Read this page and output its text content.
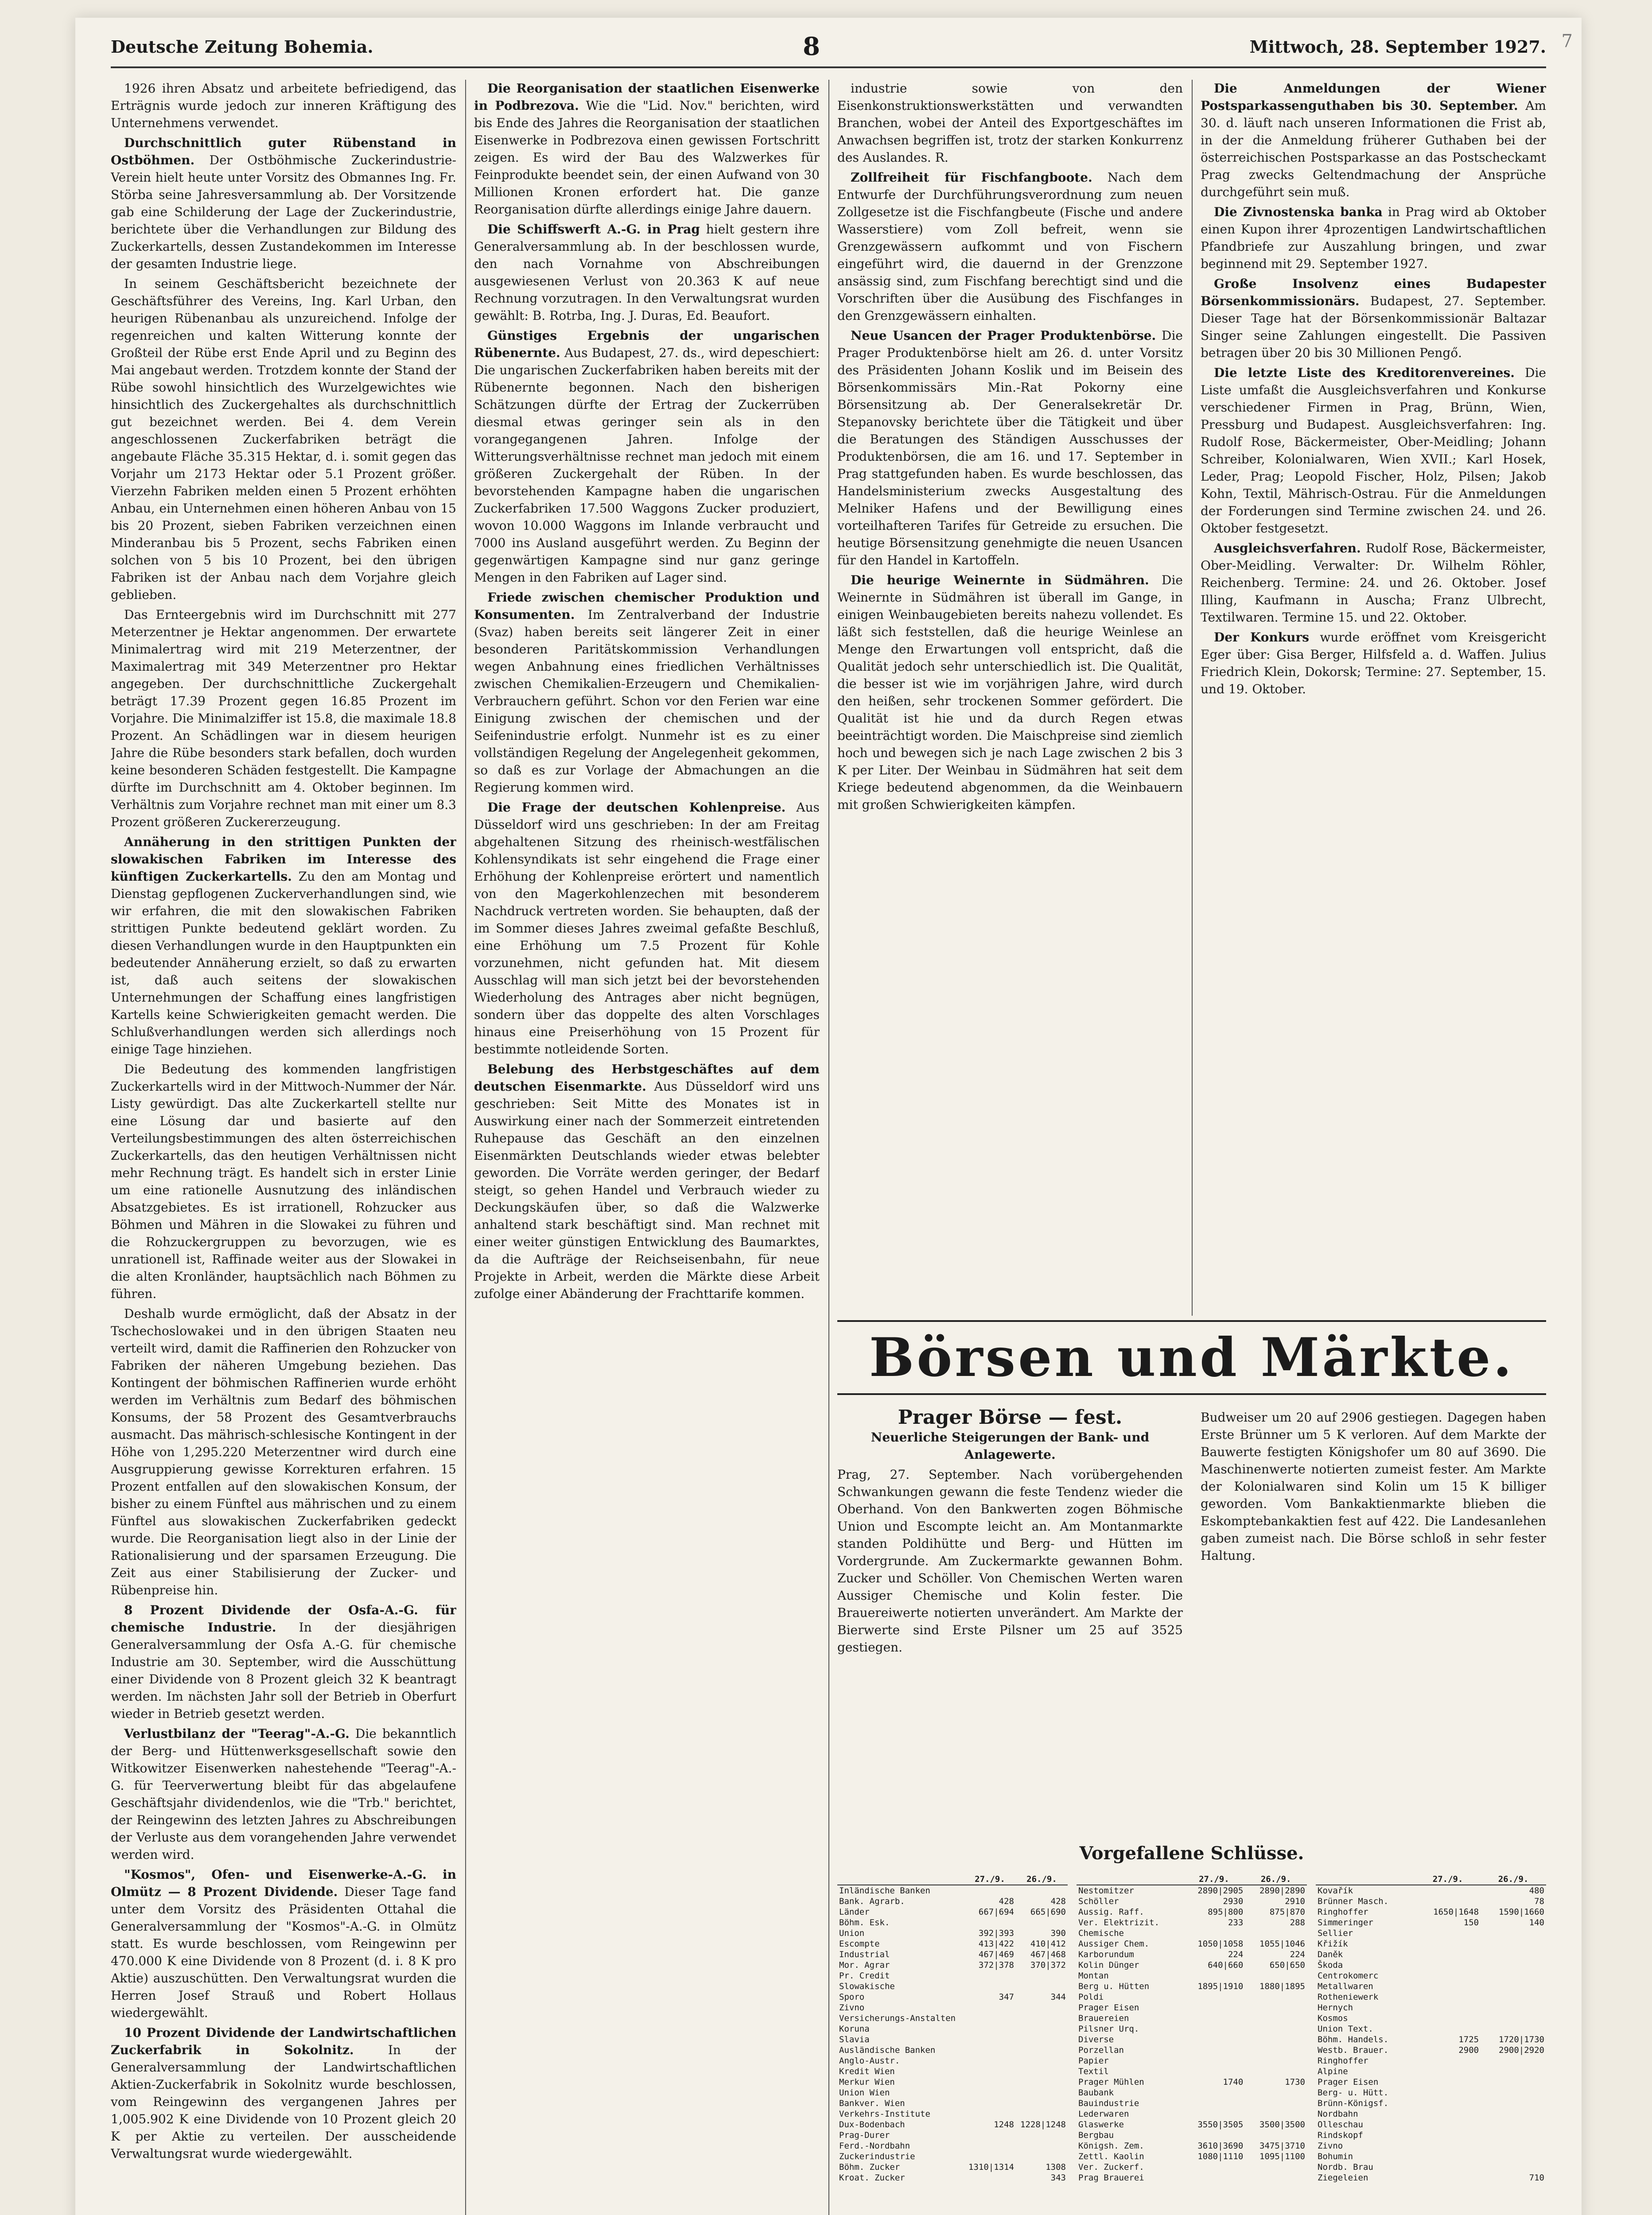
7
Deutsche Zeitung Bohemia.	8	Mittwoch, 28. September 1927.

1926 ihren Absatz und arbeitete befriedigend, das Erträgnis wurde jedoch zur inneren Kräftigung des Unternehmens verwendet.

Durchschnittlich guter Rübenstand in Ostböhmen. Der Ostböhmische Zuckerindustrie-Verein hielt heute unter Vorsitz des Obmannes Ing. Fr. Störba seine Jahresversammlung ab. Der Vorsitzende gab eine Schilderung der Lage der Zuckerindustrie, berichtete über die Verhandlungen zur Bildung des Zuckerkartells, dessen Zustandekommen im Interesse der gesamten Industrie liege.

In seinem Geschäftsbericht bezeichnete der Geschäftsführer des Vereins, Ing. Karl Urban, den heurigen Rübenanbau als unzureichend. Infolge der regenreichen und kalten Witterung konnte der Großteil der Rübe erst Ende April und zu Beginn des Mai angebaut werden. Trotzdem konnte der Stand der Rübe sowohl hinsichtlich des Wurzelgewichtes wie hinsichtlich des Zuckergehaltes als durchschnittlich gut bezeichnet werden. Bei 4. dem Verein angeschlossenen Zuckerfabriken beträgt die angebaute Fläche 35.315 Hektar, d. i. somit gegen das Vorjahr um 2173 Hektar oder 5.1 Prozent größer. Vierzehn Fabriken melden einen 5 Prozent erhöhten Anbau, ein Unternehmen einen höheren Anbau von 15 bis 20 Prozent, sieben Fabriken verzeichnen einen Minderanbau bis 5 Prozent, sechs Fabriken einen solchen von 5 bis 10 Prozent, bei den übrigen Fabriken ist der Anbau nach dem Vorjahre gleich geblieben.

Das Ernteergebnis wird im Durchschnitt mit 277 Meterzentner je Hektar angenommen. Der erwartete Minimalertrag wird mit 219 Meterzentner, der Maximalertrag mit 349 Meterzentner pro Hektar angegeben. Der durchschnittliche Zuckergehalt beträgt 17.39 Prozent gegen 16.85 Prozent im Vorjahre. Die Minimalziffer ist 15.8, die maximale 18.8 Prozent. An Schädlingen war in diesem heurigen Jahre die Rübe besonders stark befallen, doch wurden keine besonderen Schäden festgestellt. Die Kampagne dürfte im Durchschnitt am 4. Oktober beginnen. Im Verhältnis zum Vorjahre rechnet man mit einer um 8.3 Prozent größeren Zuckererzeugung.

Annäherung in den strittigen Punkten der slowakischen Fabriken im Interesse des künftigen Zuckerkartells. Zu den am Montag und Dienstag gepflogenen Zuckerverhandlungen sind, wie wir erfahren, die mit den slowakischen Fabriken strittigen Punkte bedeutend geklärt worden. Zu diesen Verhandlungen wurde in den Hauptpunkten ein bedeutender Annäherung erzielt, so daß zu erwarten ist, daß auch seitens der slowakischen Unternehmungen der Schaffung eines langfristigen Kartells keine Schwierigkeiten gemacht werden. Die Schlußverhandlungen werden sich allerdings noch einige Tage hinziehen.

Die Bedeutung des kommenden langfristigen Zuckerkartells wird in der Mittwoch-Nummer der Nár. Listy gewürdigt. Das alte Zuckerkartell stellte nur eine Lösung dar und basierte auf den Verteilungsbestimmungen des alten österreichischen Zuckerkartells, das den heutigen Verhältnissen nicht mehr Rechnung trägt. Es handelt sich in erster Linie um eine rationelle Ausnutzung des inländischen Absatzgebietes. Es ist irrationell, Rohzucker aus Böhmen und Mähren in die Slowakei zu führen und die Rohzuckergruppen zu bevorzugen, wie es unrationell ist, Raffinade weiter aus der Slowakei in die alten Kronländer, hauptsächlich nach Böhmen zu führen.

Deshalb wurde ermöglicht, daß der Absatz in der Tschechoslowakei und in den übrigen Staaten neu verteilt wird, damit die Raffinerien den Rohzucker von Fabriken der näheren Umgebung beziehen. Das Kontingent der böhmischen Raffinerien wurde erhöht werden im Verhältnis zum Bedarf des böhmischen Konsums, der 58 Prozent des Gesamtverbrauchs ausmacht. Das mährisch-schlesische Kontingent in der Höhe von 1,295.220 Meterzentner wird durch eine Ausgruppierung gewisse Korrekturen erfahren. 15 Prozent entfallen auf den slowakischen Konsum, der bisher zu einem Fünftel aus mährischen und zu einem Fünftel aus slowakischen Zuckerfabriken gedeckt wurde. Die Reorganisation liegt also in der Linie der Rationalisierung und der sparsamen Erzeugung. Die Zeit aus einer Stabilisierung der Zucker- und Rübenpreise hin.

8 Prozent Dividende der Osfa-A.-G. für chemische Industrie. In der diesjährigen Generalversammlung der Osfa A.-G. für chemische Industrie am 30. September, wird die Ausschüttung einer Dividende von 8 Prozent gleich 32 K beantragt werden. Im nächsten Jahr soll der Betrieb in Oberfurt wieder in Betrieb gesetzt werden.

Verlustbilanz der "Teerag"-A.-G. Die bekanntlich der Berg- und Hüttenwerksgesellschaft sowie den Witkowitzer Eisenwerken nahestehende "Teerag"-A.-G. für Teerverwertung bleibt für das abgelaufene Geschäftsjahr dividendenlos, wie die "Trb." berichtet, der Reingewinn des letzten Jahres zu Abschreibungen der Verluste aus dem vorangehenden Jahre verwendet werden wird.

"Kosmos", Ofen- und Eisenwerke-A.-G. in Olmütz — 8 Prozent Dividende. Dieser Tage fand unter dem Vorsitz des Präsidenten Ottahal die Generalversammlung der "Kosmos"-A.-G. in Olmütz statt. Es wurde beschlossen, vom Reingewinn per 470.000 K eine Dividende von 8 Prozent (d. i. 8 K pro Aktie) auszuschütten. Den Verwaltungsrat wurden die Herren Josef Strauß und Robert Hollaus wiedergewählt.

10 Prozent Dividende der Landwirtschaftlichen Zuckerfabrik in Sokolnitz.	In der Generalversammlung der Landwirtschaftlichen Aktien-Zuckerfabrik in Sokolnitz wurde beschlossen, vom Reingewinn des vergangenen Jahres per 1,005.902 K eine Dividende von 10 Prozent gleich 20 K per Aktie zu verteilen. Der ausscheidende Verwaltungsrat wurde wiedergewählt.

Die Reorganisation der staatlichen Eisenwerke in Podbrezova. Wie die "Lid. Nov." berichten, wird bis Ende des Jahres die Reorganisation der staatlichen Eisenwerke in Podbrezova einen gewissen Fortschritt zeigen. Es wird der Bau des Walzwerkes für Feinprodukte beendet sein, der einen Aufwand von 30 Millionen Kronen erfordert hat. Die ganze Reorganisation dürfte allerdings einige Jahre dauern.

Die Schiffswerft A.-G. in Prag hielt gestern ihre Generalversammlung ab. In der beschlossen wurde, den nach Vornahme von Abschreibungen ausgewiesenen Verlust von 20.363 K auf neue Rechnung vorzutragen. In den Verwaltungsrat wurden gewählt: B. Rotrba, Ing. J. Duras, Ed. Beaufort.

Günstiges Ergebnis der ungarischen Rübenernte. Aus Budapest, 27. ds., wird depeschiert: Die ungarischen Zuckerfabriken haben bereits mit der Rübenernte begonnen. Nach den bisherigen Schätzungen dürfte der Ertrag der Zuckerrüben diesmal etwas geringer sein als in den vorangegangenen Jahren. Infolge der Witterungsverhältnisse rechnet man jedoch mit einem größeren Zuckergehalt der Rüben. In der bevorstehenden Kampagne haben die ungarischen Zuckerfabriken 17.500 Waggons Zucker produziert, wovon 10.000 Waggons im Inlande verbraucht und 7000 ins Ausland ausgeführt werden. Zu Beginn der gegenwärtigen Kampagne sind nur ganz geringe Mengen in den Fabriken auf Lager sind.

Friede zwischen chemischer Produktion und Konsumenten. Im Zentralverband der Industrie (Svaz) haben bereits seit längerer Zeit in einer besonderen Paritätskommission Verhandlungen wegen Anbahnung eines friedlichen Verhältnisses zwischen Chemikalien-Erzeugern und Chemikalien-Verbrauchern geführt. Schon vor den Ferien war eine Einigung zwischen der chemischen und der Seifenindustrie erfolgt. Nunmehr ist es zu einer vollständigen Regelung der Angelegenheit gekommen, so daß es zur Vorlage der Abmachungen an die Regierung kommen wird.

Die Frage der deutschen Kohlenpreise. Aus Düsseldorf wird uns geschrieben: In der am Freitag abgehaltenen Sitzung des rheinisch-westfälischen Kohlensyndikats ist sehr eingehend die Frage einer Erhöhung der Kohlenpreise erörtert und namentlich von den Magerkohlenzechen mit besonderem Nachdruck vertreten worden. Sie behaupten, daß der im Sommer dieses Jahres zweimal gefaßte Beschluß, eine Erhöhung um 7.5 Prozent für Kohle vorzunehmen, nicht gefunden hat. Mit diesem Ausschlag will man sich jetzt bei der bevorstehenden Wiederholung des Antrages aber nicht begnügen, sondern über das doppelte des alten Vorschlages hinaus eine Preiserhöhung von 15 Prozent für bestimmte notleidende Sorten.

Belebung des Herbstgeschäftes auf dem deutschen Eisenmarkte. Aus Düsseldorf wird uns geschrieben: Seit Mitte des Monates ist in Auswirkung einer nach der Sommerzeit eintretenden Ruhepause das Geschäft an den einzelnen Eisenmärkten Deutschlands wieder etwas belebter geworden. Die Vorräte werden geringer, der Bedarf steigt, so gehen Handel und Verbrauch wieder zu Deckungskäufen über, so daß die Walzwerke anhaltend stark beschäftigt sind. Man rechnet mit einer weiter günstigen Entwicklung des Baumarktes, da die Aufträge der Reichseisenbahn, für neue Projekte in Arbeit, werden die Märkte diese Arbeit zufolge einer Abänderung der Frachttarife kommen.

industrie sowie von den Eisenkonstruktionswerkstätten und verwandten Branchen, wobei der Anteil des Exportgeschäftes im Anwachsen begriffen ist, trotz der starken Konkurrenz des Auslandes. R.

Zollfreiheit für Fischfangboote. Nach dem Entwurfe der Durchführungsverordnung zum neuen Zollgesetze ist die Fischfangbeute (Fische und andere Wasserstiere) vom Zoll befreit, wenn sie Grenzgewässern aufkommt und von Fischern eingeführt wird, die dauernd in der Grenzzone ansässig sind, zum Fischfang berechtigt sind und die Vorschriften über die Ausübung des Fischfanges in den Grenzgewässern einhalten.

Neue Usancen der Prager Produktenbörse. Die Prager Produktenbörse hielt am 26. d. unter Vorsitz des Präsidenten Johann Koslik und im Beisein des Börsenkommissärs Min.-Rat Pokorny eine Börsensitzung ab. Der Generalsekretär Dr. Stepanovsky berichtete über die Tätigkeit und über die Beratungen des Ständigen Ausschusses der Produktenbörsen, die am 16. und 17. September in Prag stattgefunden haben. Es wurde beschlossen, das Handelsministerium zwecks Ausgestaltung des Melniker Hafens und der Bewilligung eines vorteilhafteren Tarifes für Getreide zu ersuchen. Die heutige Börsensitzung genehmigte die neuen Usancen für den Handel in Kartoffeln.

Die heurige Weinernte in Südmähren. Die Weinernte in Südmähren ist überall im Gange, in einigen Weinbaugebieten bereits nahezu vollendet. Es läßt sich feststellen, daß die heurige Weinlese an Menge den Erwartungen voll entspricht, daß die Qualität jedoch sehr unterschiedlich ist. Die Qualität, die besser ist wie im vorjährigen Jahre, wird durch den heißen, sehr trockenen Sommer gefördert. Die Qualität ist hie und da durch Regen etwas beeinträchtigt worden. Die Maischpreise sind ziemlich hoch und bewegen sich je nach Lage zwischen 2 bis 3 K per Liter. Der Weinbau in Südmähren hat seit dem Kriege bedeutend abgenommen, da die Weinbauern mit großen Schwierigkeiten kämpfen.

Die Anmeldungen der Wiener Postsparkassenguthaben bis 30. September. Am 30. d. läuft nach unseren Informationen die Frist ab, in der die Anmeldung früherer Guthaben bei der österreichischen Postsparkasse an das Postscheckamt Prag zwecks Geltendmachung der Ansprüche durchgeführt sein muß.

Die Zivnostenska banka in Prag wird ab Oktober einen Kupon ihrer 4prozentigen Landwirtschaftlichen Pfandbriefe zur Auszahlung bringen, und zwar beginnend mit 29. September 1927.

Große Insolvenz eines Budapester Börsenkommissionärs. Budapest, 27. September. Dieser Tage hat der Börsenkommissionär Baltazar Singer seine Zahlungen eingestellt. Die Passiven betragen über 20 bis 30 Millionen Pengő.

Die letzte Liste des Kreditorenvereines. Die Liste umfaßt die Ausgleichsverfahren und Konkurse verschiedener Firmen in Prag, Brünn, Wien, Pressburg und Budapest. Ausgleichsverfahren: Ing. Rudolf Rose, Bäckermeister, Ober-Meidling; Johann Schreiber, Kolonialwaren, Wien XVII.; Karl Hosek, Leder, Prag; Leopold Fischer, Holz, Pilsen; Jakob Kohn, Textil, Mährisch-Ostrau. Für die Anmeldungen der Forderungen sind Termine zwischen 24. und 26. Oktober festgesetzt.

Ausgleichsverfahren. Rudolf Rose, Bäckermeister, Ober-Meidling. Verwalter: Dr. Wilhelm Röhler, Reichenberg. Termine: 24. und 26. Oktober. Josef Illing, Kaufmann in Auscha; Franz Ulbrecht, Textilwaren. Termine 15. und 22. Oktober.

Der Konkurs wurde eröffnet vom Kreisgericht Eger über: Gisa Berger, Hilfsfeld a. d. Waffen. Julius Friedrich Klein, Dokorsk; Termine: 27. September, 15. und 19. Oktober.

Börsen und Märkte.
Prager Börse — fest.
Neuerliche Steigerungen der Bank- und Anlagewerte.
Prag, 27. September. Nach vorübergehenden Schwankungen gewann die feste Tendenz wieder die Oberhand. Von den Bankwerten zogen Böhmische Union und Escompte leicht an. Am Montanmarkte standen Poldihütte und Berg- und Hütten im Vordergrunde. Am Zuckermarkte gewannen Bohm. Zucker und Schöller. Von Chemischen Werten waren Aussiger Chemische und Kolin fester. Die Brauereiwerte notierten unverändert. Am Markte der Bierwerte sind Erste Pilsner um 25 auf 3525 gestiegen.
Budweiser um 20 auf 2906 gestiegen. Dagegen haben Erste Brünner um 5 K verloren. Auf dem Markte der Bauwerte festigten Königshofer um 80 auf 3690. Die Maschinenwerte notierten zumeist fester. Am Markte der Kolonialwaren sind Kolin um 15 K billiger geworden. Vom Bankaktienmarkte blieben die Eskomptebankaktien fest auf 422. Die Landesanlehen gaben zumeist nach. Die Börse schloß in sehr fester Haltung.
Vorgefallene Schlüsse.
	27./9.	26./9.
Inländische Banken		
Bank. Agrarb.	428	428
Länder	667|694	665|690
Böhm. Esk.		
Union	392|393	390
Escompte	413|422	410|412
Industrial	467|469	467|468
Mor. Agrar	372|378	370|372
Pr. Credit		
Slowakische		
Sporo	347	344
Zivno		
Versicherungs-Anstalten		
Koruna		
Slavia		
Ausländische Banken		
Anglo-Austr.		
Kredit Wien		
Merkur Wien		
Union Wien		
Bankver. Wien		
Verkehrs-Institute		
Dux-Bodenbach	1248	1228|1248
Prag-Durer		
Ferd.-Nordbahn		
Zuckerindustrie		
Böhm. Zucker	1310|1314	1308
Kroat. Zucker		343
	27./9.	26./9.
Nestomitzer	2890|2905	2890|2890
Schöller	2930	2910
Aussig. Raff.	895|800	875|870
Ver. Elektrizit.	233	288
Chemische		
Aussiger Chem.	1050|1058	1055|1046
Karborundum	224	224
Kolin Dünger	640|660	650|650
Montan		
Berg u. Hütten	1895|1910	1880|1895
Poldi		
Prager Eisen		
Brauereien		
Pilsner Urq.		
Diverse		
Porzellan		
Papier		
Textil		
Prager Mühlen	1740	1730
Baubank		
Bauindustrie		
Lederwaren		
Glaswerke	3550|3505	3500|3500
Bergbau		
Königsh. Zem.	3610|3690	3475|3710
Zettl. Kaolin	1080|1110	1095|1100
Ver. Zuckerf.		
Prag Brauerei		
	27./9.	26./9.
Kovařík		480
Brünner Masch.		78
Ringhoffer	1650|1648	1590|1660
Simmeringer	150	140
Sellier		
Křižík		
Daněk		
Škoda		
Centrokomerc		
Metallwaren		
Rotheniewerk		
Hernych		
Kosmos		
Union Text.		
Böhm. Handels.	1725	1720|1730
Westb. Brauer.	2900	2900|2920
Ringhoffer		
Alpine		
Prager Eisen		
Berg- u. Hütt.		
Brünn-Königsf.		
Nordbahn		
Olleschau		
Rindskopf		
Zivno		
Bohumin		
Nordb. Brau		
Ziegeleien		710
